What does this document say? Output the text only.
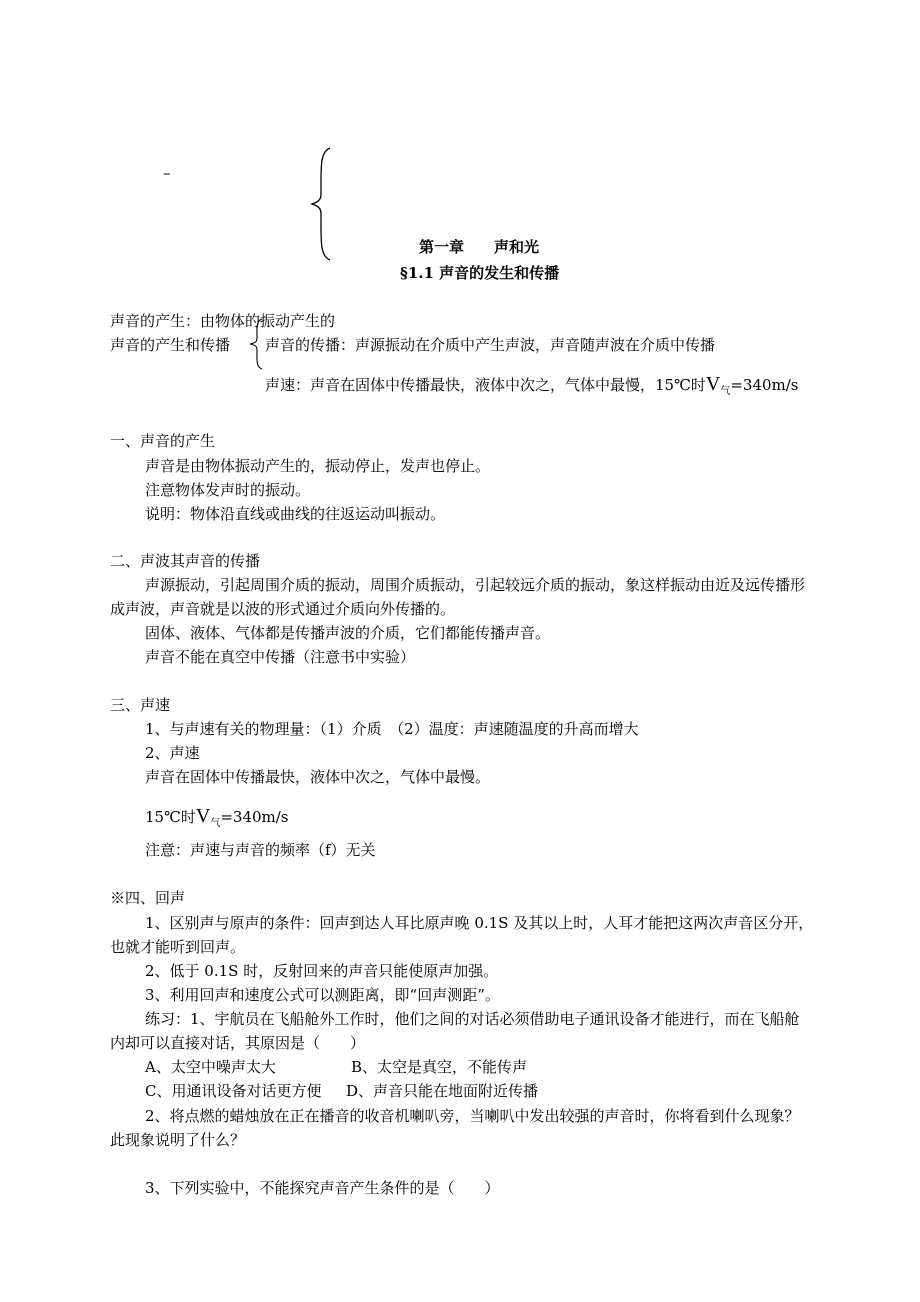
–
第一章 声和光
§1.1 声音的发生和传播
声音的产生：由物体的振动产生的
声音的产生和传播 声音的传播：声源振动在介质中产生声波，声音随声波在介质中传播
声速：声音在固体中传播最快，液体中次之，气体中最慢，15℃时$V_气=340m/s$
一、声音的产生
声音是由物体振动产生的，振动停止，发声也停止。
注意物体发声时的振动。
说明：物体沿直线或曲线的往返运动叫振动。
二、声波其声音的传播
声源振动，引起周围介质的振动，周围介质振动，引起较远介质的振动，象这样振动由近及远传播形
成声波，声音就是以波的形式通过介质向外传播的。
固体、液体、气体都是传播声波的介质，它们都能传播声音。
声音不能在真空中传播（注意书中实验）
三、声速
1、与声速有关的物理量：（1）介质　（2）温度：声速随温度的升高而增大
2、声速
声音在固体中传播最快，液体中次之，气体中最慢。
15℃时$V_气=340m/s$
注意：声速与声音的频率（f）无关
※四、回声
1、区别声与原声的条件：回声到达人耳比原声晚 0.1S 及其以上时，人耳才能把这两次声音区分开，
也就才能听到回声。
2、低于 0.1S 时，反射回来的声音只能使原声加强。
3、利用回声和速度公式可以测距离，即“回声测距”。
练习：1、宇航员在飞船舱外工作时，他们之间的对话必须借助电子通讯设备才能进行，而在飞船舱
内却可以直接对话，其原因是（　　）
A、太空中噪声太大	B、太空是真空，不能传声
C、用通讯设备对话更方便 D、声音只能在地面附近传播
2、将点燃的蜡烛放在正在播音的收音机喇叭旁，当喇叭中发出较强的声音时，你将看到什么现象？
此现象说明了什么？
3、下列实验中，不能探究声音产生条件的是（　　）
